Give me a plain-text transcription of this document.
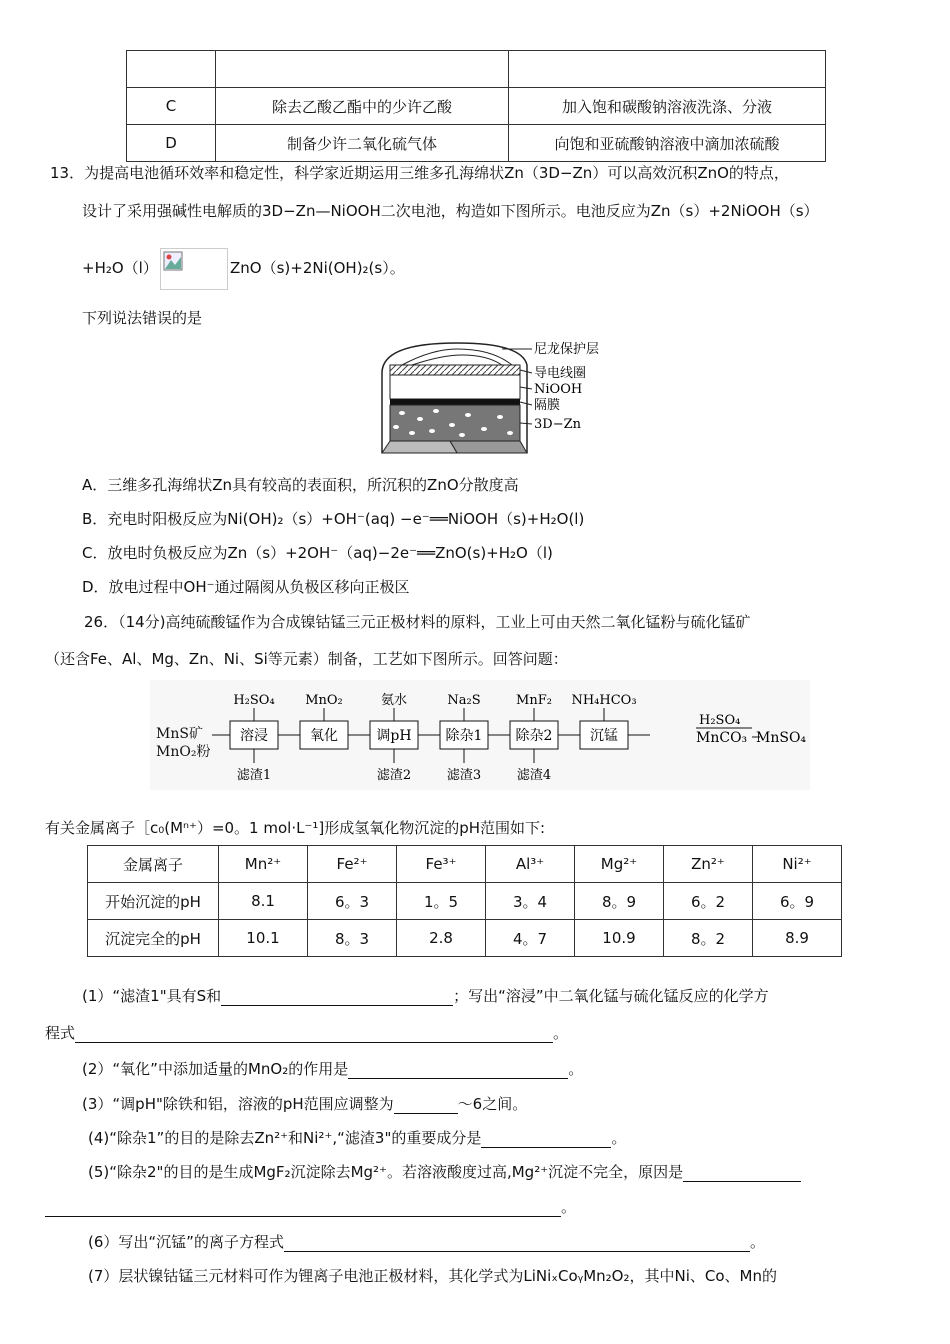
C	除去乙酸乙酯中的少许乙酸	加入饱和碳酸钠溶液洗涤、分液
D	制备少许二氧化硫气体	向饱和亚硫酸钠溶液中滴加浓硫酸
13．为提高电池循环效率和稳定性，科学家近期运用三维多孔海绵状Zn（3D−Zn）可以高效沉积ZnO的特点，
设计了采用强碱性电解质的3D−Zn—NiOOH二次电池，构造如下图所示。电池反应为Zn（s）+2NiOOH（s）
+H₂O（l）	ZnO（s)+2Ni(OH)₂(s）。
下列说法错误的是
尼龙保护层
导电线圈
NiOOH
隔膜
3D−Zn
A．三维多孔海绵状Zn具有较高的表面积，所沉积的ZnO分散度高
B．充电时阳极反应为Ni(OH)₂（s）+OH⁻(aq) −e⁻══NiOOH（s)+H₂O(l)
C．放电时负极反应为Zn（s）+2OH⁻（aq)−2e⁻══ZnO(s)+H₂O（l)
D．放电过程中OH⁻通过隔阂从负极区移向正极区
26．（14分)高纯硫酸锰作为合成镍钴锰三元正极材料的原料，工业上可由天然二氧化锰粉与硫化锰矿
（还含Fe、Al、Mg、Zn、Ni、Si等元素）制备，工艺如下图所示。回答问题：
MnS矿
MnO₂粉
溶浸
H₂SO₄
氧化
MnO₂
调pH
氨水
除杂1
Na₂S
除杂2
MnF₂
沉锰
NH₄HCO₃
滤渣1	滤渣2	滤渣3	滤渣4
MnCO₃
H₂SO₄
MnSO₄
有关金属离子［c₀(Mⁿ⁺）=0。1 mol·L⁻¹]形成氢氧化物沉淀的pH范围如下:
金属离子	Mn²⁺	Fe²⁺	Fe³⁺	Al³⁺	Mg²⁺	Zn²⁺	Ni²⁺
开始沉淀的pH	8.1	6。3	1。5	3。4	8。9	6。2	6。9
沉淀完全的pH	10.1	8。3	2.8	4。7	10.9	8。2	8.9
(1）“滤渣1"具有S和	；写出“溶浸”中二氧化锰与硫化锰反应的化学方
程式	。
(2）“氧化”中添加适量的MnO₂的作用是	。
(3）“调pH"除铁和铝，溶液的pH范围应调整为	～6之间。
(4)“除杂1”的目的是除去Zn²⁺和Ni²⁺,“滤渣3"的重要成分是	。
(5)“除杂2"的目的是生成MgF₂沉淀除去Mg²⁺。若溶液酸度过高,Mg²⁺沉淀不完全，原因是
。
(6）写出“沉锰”的离子方程式	。
(7）层状镍钴锰三元材料可作为锂离子电池正极材料，其化学式为LiNiₓCoᵧMn₂O₂，其中Ni、Co、Mn的
